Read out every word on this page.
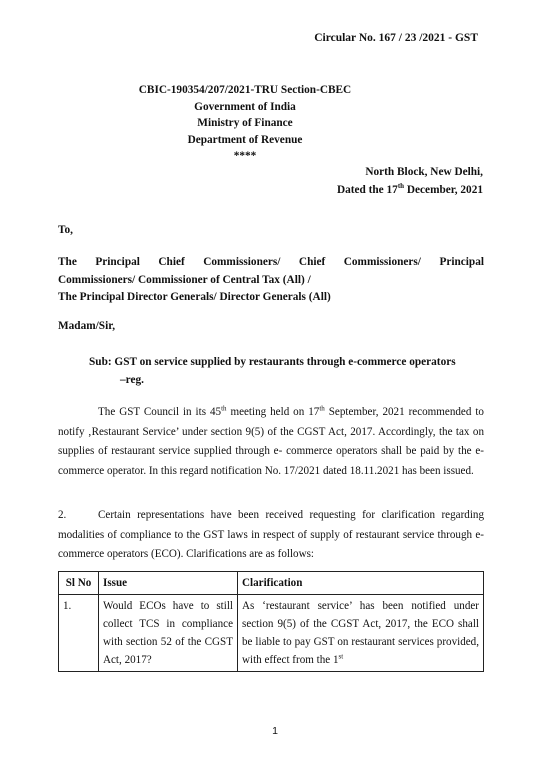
Circular No. 167 / 23 /2021 - GST
CBIC-190354/207/2021-TRU Section-CBEC
Government of India
Ministry of Finance
Department of Revenue
****
North Block, New Delhi,
Dated the 17th December, 2021
To,
The Principal Chief Commissioners/ Chief Commissioners/ Principal
Commissioners/ Commissioner of Central Tax (All) /
The Principal Director Generals/ Director Generals (All)
Madam/Sir,
Sub: GST on service supplied by restaurants through e-commerce operators
–reg.
The GST Council in its 45th meeting held on 17th September, 2021 recommended to notify ‚Restaurant Service’ under section 9(5) of the CGST Act, 2017. Accordingly, the tax on supplies of restaurant service supplied through e- commerce operators shall be paid by the e-commerce operator. In this regard notification No. 17/2021 dated 18.11.2021 has been issued.
2.	Certain representations have been received requesting for clarification regarding modalities of compliance to the GST laws in respect of supply of restaurant service through e-commerce operators (ECO). Clarifications are as follows:
Sl No	Issue	Clarification
1.	Would ECOs have to still collect TCS in compliance with section 52 of the CGST Act, 2017?	As ‘restaurant service’ has been notified under section 9(5) of the CGST Act, 2017, the ECO shall be liable to pay GST on restaurant services provided, with effect from the 1st
1
